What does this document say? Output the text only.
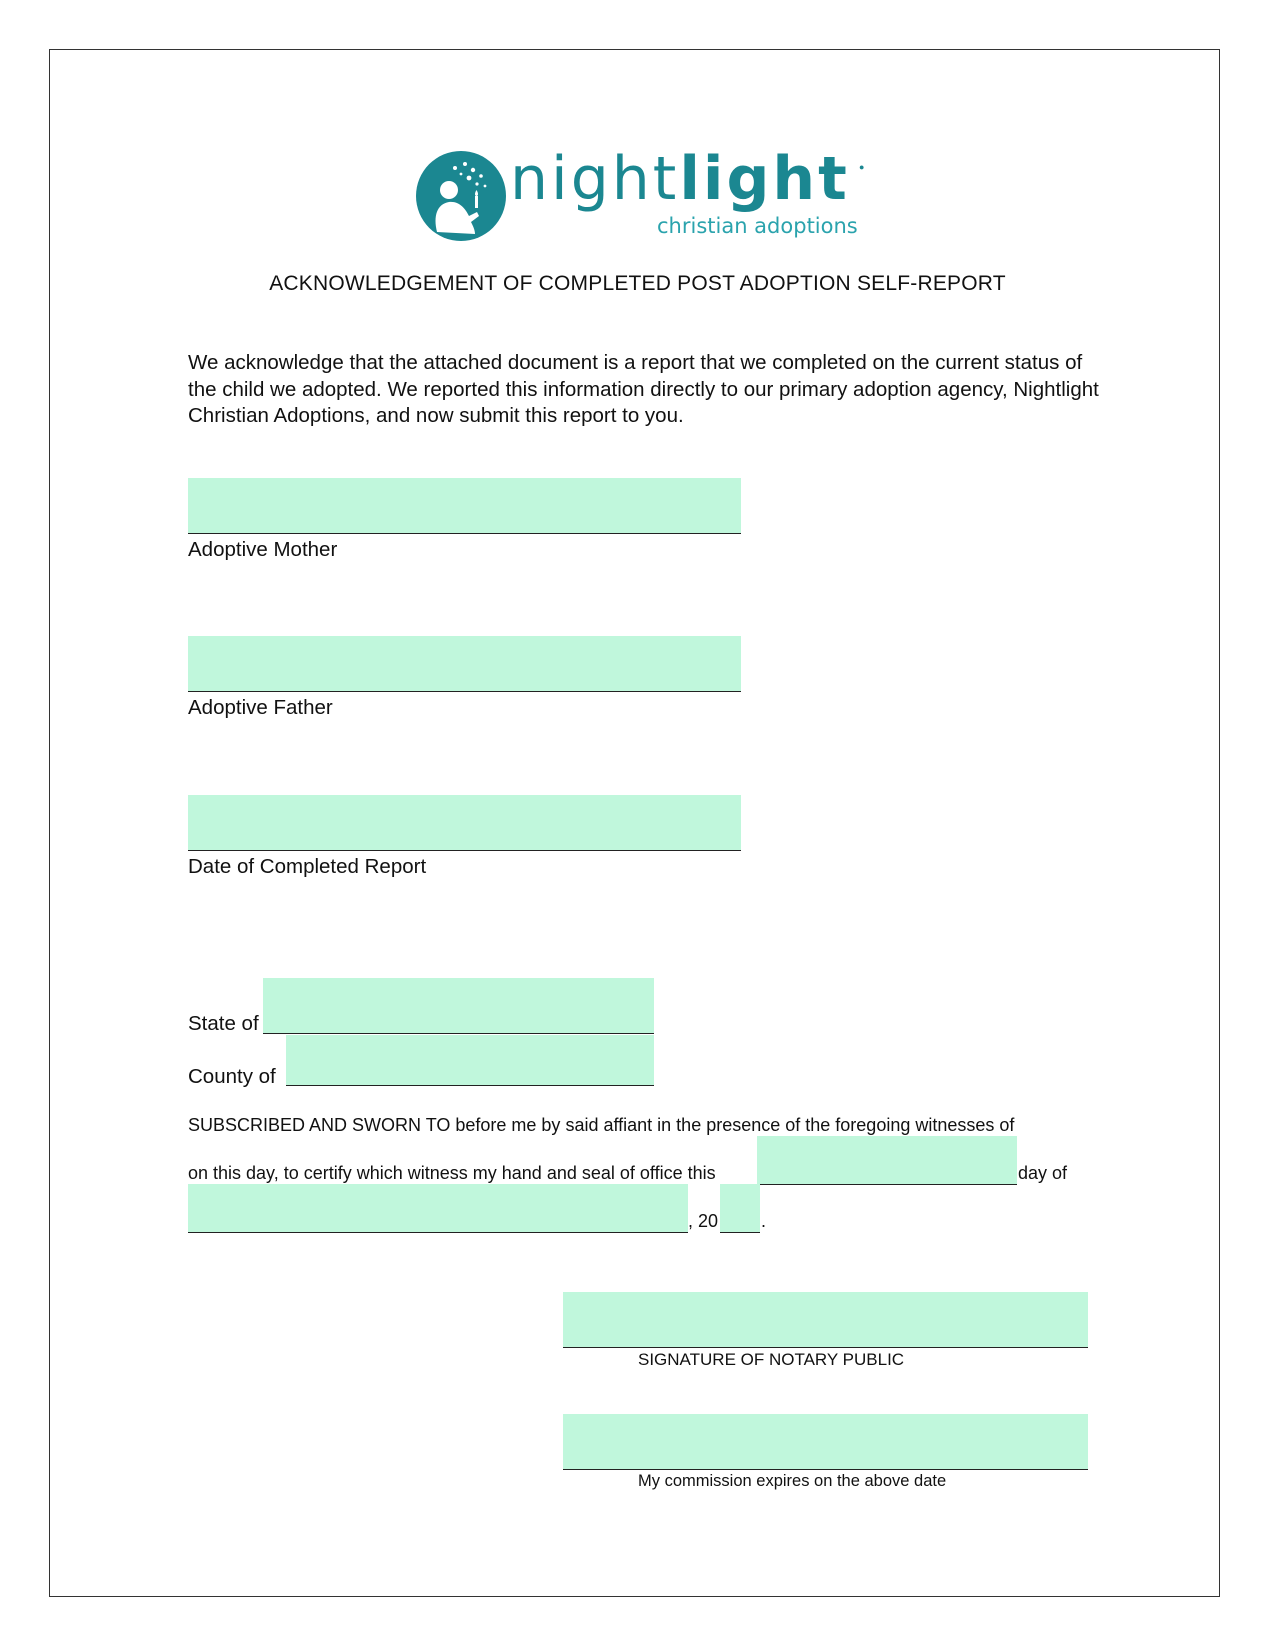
nightlight ●
christian adoptions
ACKNOWLEDGEMENT OF COMPLETED POST ADOPTION SELF-REPORT
We acknowledge that the attached document is a report that we completed on the current status of the child we adopted. We reported this information directly to our primary adoption agency, Nightlight Christian Adoptions, and now submit this report to you.
Adoptive Mother
Adoptive Father
Date of Completed Report
State of
County of
SUBSCRIBED AND SWORN TO before me by said affiant in the presence of the foregoing witnesses of
on this day, to certify which witness my hand and seal of office this	day of
, 20 .
SIGNATURE OF NOTARY PUBLIC
My commission expires on the above date
